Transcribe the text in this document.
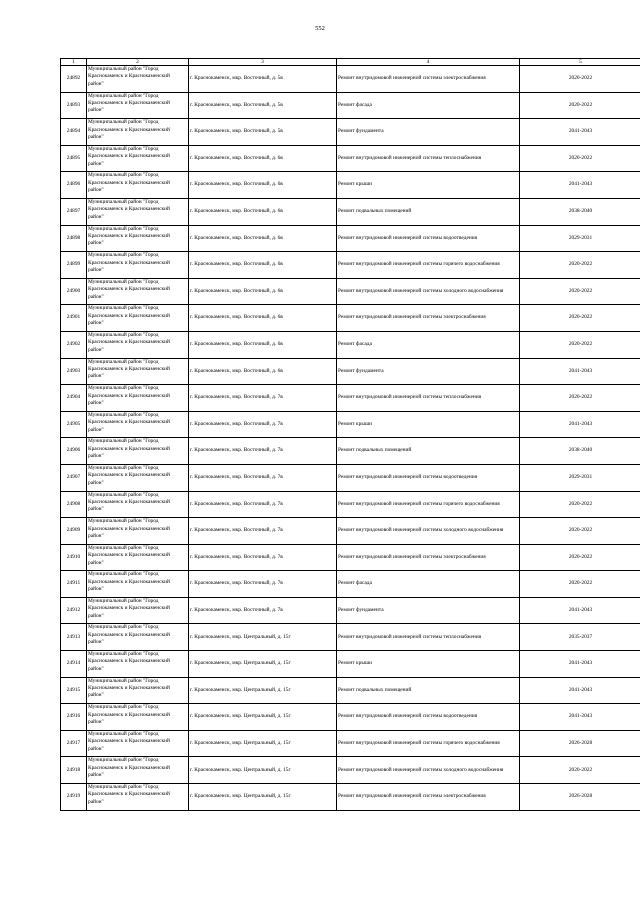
552
1	2	3	4	5
24892	Муниципальный район "Город Краснокаменск и Краснокаменский район"	г. Краснокаменск, мкр. Восточный, д. 5в	Ремонт внутридомовой инженерной системы электроснабжения	2020-2022
24893	Муниципальный район "Город Краснокаменск и Краснокаменский район"	г. Краснокаменск, мкр. Восточный, д. 5в	Ремонт фасада	2020-2022
24894	Муниципальный район "Город Краснокаменск и Краснокаменский район"	г. Краснокаменск, мкр. Восточный, д. 5в	Ремонт фундамента	2041-2043
24895	Муниципальный район "Город Краснокаменск и Краснокаменский район"	г. Краснокаменск, мкр. Восточный, д. 6в	Ремонт внутридомовой инженерной системы теплоснабжения	2020-2022
24896	Муниципальный район "Город Краснокаменск и Краснокаменский район"	г. Краснокаменск, мкр. Восточный, д. 6в	Ремонт крыши	2041-2043
24897	Муниципальный район "Город Краснокаменск и Краснокаменский район"	г. Краснокаменск, мкр. Восточный, д. 6в	Ремонт подвальных помещений	2038-2040
24898	Муниципальный район "Город Краснокаменск и Краснокаменский район"	г. Краснокаменск, мкр. Восточный, д. 6в	Ремонт внутридомовой инженерной системы водоотведения	2029-2031
24899	Муниципальный район "Город Краснокаменск и Краснокаменский район"	г. Краснокаменск, мкр. Восточный, д. 6в	Ремонт внутридомовой инженерной системы горячего водоснабжения	2020-2022
24900	Муниципальный район "Город Краснокаменск и Краснокаменский район"	г. Краснокаменск, мкр. Восточный, д. 6в	Ремонт внутридомовой инженерной системы холодного водоснабжения	2020-2022
24901	Муниципальный район "Город Краснокаменск и Краснокаменский район"	г. Краснокаменск, мкр. Восточный, д. 6в	Ремонт внутридомовой инженерной системы электроснабжения	2020-2022
24902	Муниципальный район "Город Краснокаменск и Краснокаменский район"	г. Краснокаменск, мкр. Восточный, д. 6в	Ремонт фасада	2020-2022
24903	Муниципальный район "Город Краснокаменск и Краснокаменский район"	г. Краснокаменск, мкр. Восточный, д. 6в	Ремонт фундамента	2041-2043
24904	Муниципальный район "Город Краснокаменск и Краснокаменский район"	г. Краснокаменск, мкр. Восточный, д. 7в	Ремонт внутридомовой инженерной системы теплоснабжения	2020-2022
24905	Муниципальный район "Город Краснокаменск и Краснокаменский район"	г. Краснокаменск, мкр. Восточный, д. 7в	Ремонт крыши	2041-2043
24906	Муниципальный район "Город Краснокаменск и Краснокаменский район"	г. Краснокаменск, мкр. Восточный, д. 7в	Ремонт подвальных помещений	2038-2040
24907	Муниципальный район "Город Краснокаменск и Краснокаменский район"	г. Краснокаменск, мкр. Восточный, д. 7в	Ремонт внутридомовой инженерной системы водоотведения	2029-2031
24908	Муниципальный район "Город Краснокаменск и Краснокаменский район"	г. Краснокаменск, мкр. Восточный, д. 7в	Ремонт внутридомовой инженерной системы горячего водоснабжения	2020-2022
24909	Муниципальный район "Город Краснокаменск и Краснокаменский район"	г. Краснокаменск, мкр. Восточный, д. 7в	Ремонт внутридомовой инженерной системы холодного водоснабжения	2020-2022
24910	Муниципальный район "Город Краснокаменск и Краснокаменский район"	г. Краснокаменск, мкр. Восточный, д. 7в	Ремонт внутридомовой инженерной системы электроснабжения	2020-2022
24911	Муниципальный район "Город Краснокаменск и Краснокаменский район"	г. Краснокаменск, мкр. Восточный, д. 7в	Ремонт фасада	2020-2022
24912	Муниципальный район "Город Краснокаменск и Краснокаменский район"	г. Краснокаменск, мкр. Восточный, д. 7в	Ремонт фундамента	2041-2043
24913	Муниципальный район "Город Краснокаменск и Краснокаменский район"	г. Краснокаменск, мкр. Центральный, д. 15г	Ремонт внутридомовой инженерной системы теплоснабжения	2035-2037
24914	Муниципальный район "Город Краснокаменск и Краснокаменский район"	г. Краснокаменск, мкр. Центральный, д. 15г	Ремонт крыши	2041-2043
24915	Муниципальный район "Город Краснокаменск и Краснокаменский район"	г. Краснокаменск, мкр. Центральный, д. 15г	Ремонт подвальных помещений	2041-2043
24916	Муниципальный район "Город Краснокаменск и Краснокаменский район"	г. Краснокаменск, мкр. Центральный, д. 15г	Ремонт внутридомовой инженерной системы водоотведения	2041-2043
24917	Муниципальный район "Город Краснокаменск и Краснокаменский район"	г. Краснокаменск, мкр. Центральный, д. 15г	Ремонт внутридомовой инженерной системы горячего водоснабжения	2026-2028
24918	Муниципальный район "Город Краснокаменск и Краснокаменский район"	г. Краснокаменск, мкр. Центральный, д. 15г	Ремонт внутридомовой инженерной системы холодного водоснабжения	2020-2022
24919	Муниципальный район "Город Краснокаменск и Краснокаменский район"	г. Краснокаменск, мкр. Центральный, д. 15г	Ремонт внутридомовой инженерной системы электроснабжения	2026-2028
